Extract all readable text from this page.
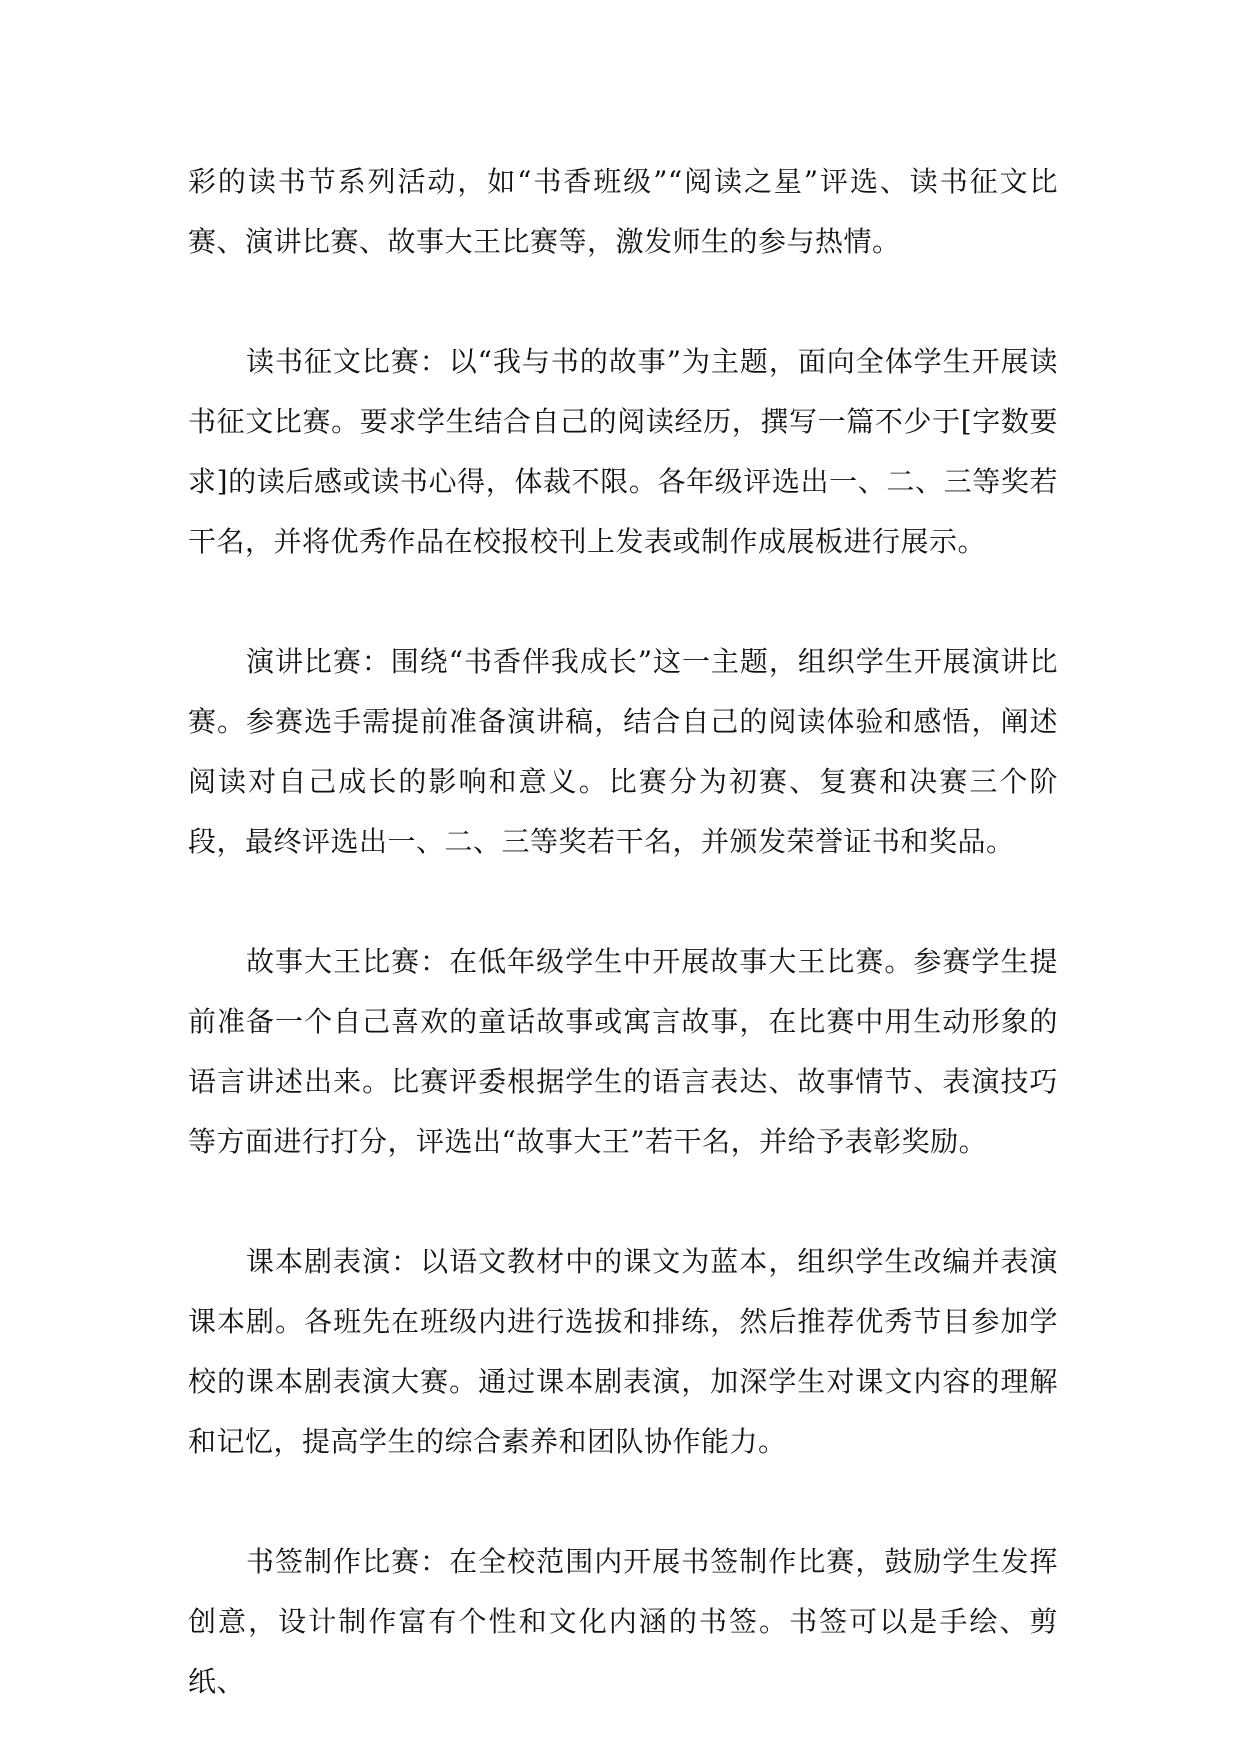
彩的读书节系列活动，如“书香班级”“阅读之星”评选、读书征文比赛、演讲比赛、故事大王比赛等，激发师生的参与热情。

读书征文比赛：以“我与书的故事”为主题，面向全体学生开展读书征文比赛。要求学生结合自己的阅读经历，撰写一篇不少于[字数要求]的读后感或读书心得，体裁不限。各年级评选出一、二、三等奖若干名，并将优秀作品在校报校刊上发表或制作成展板进行展示。

演讲比赛：围绕“书香伴我成长”这一主题，组织学生开展演讲比赛。参赛选手需提前准备演讲稿，结合自己的阅读体验和感悟，阐述阅读对自己成长的影响和意义。比赛分为初赛、复赛和决赛三个阶段，最终评选出一、二、三等奖若干名，并颁发荣誉证书和奖品。

故事大王比赛：在低年级学生中开展故事大王比赛。参赛学生提前准备一个自己喜欢的童话故事或寓言故事，在比赛中用生动形象的语言讲述出来。比赛评委根据学生的语言表达、故事情节、表演技巧等方面进行打分，评选出“故事大王”若干名，并给予表彰奖励。

课本剧表演：以语文教材中的课文为蓝本，组织学生改编并表演课本剧。各班先在班级内进行选拔和排练，然后推荐优秀节目参加学校的课本剧表演大赛。通过课本剧表演，加深学生对课文内容的理解和记忆，提高学生的综合素养和团队协作能力。

书签制作比赛：在全校范围内开展书签制作比赛，鼓励学生发挥创意，设计制作富有个性和文化内涵的书签。书签可以是手绘、剪纸、
